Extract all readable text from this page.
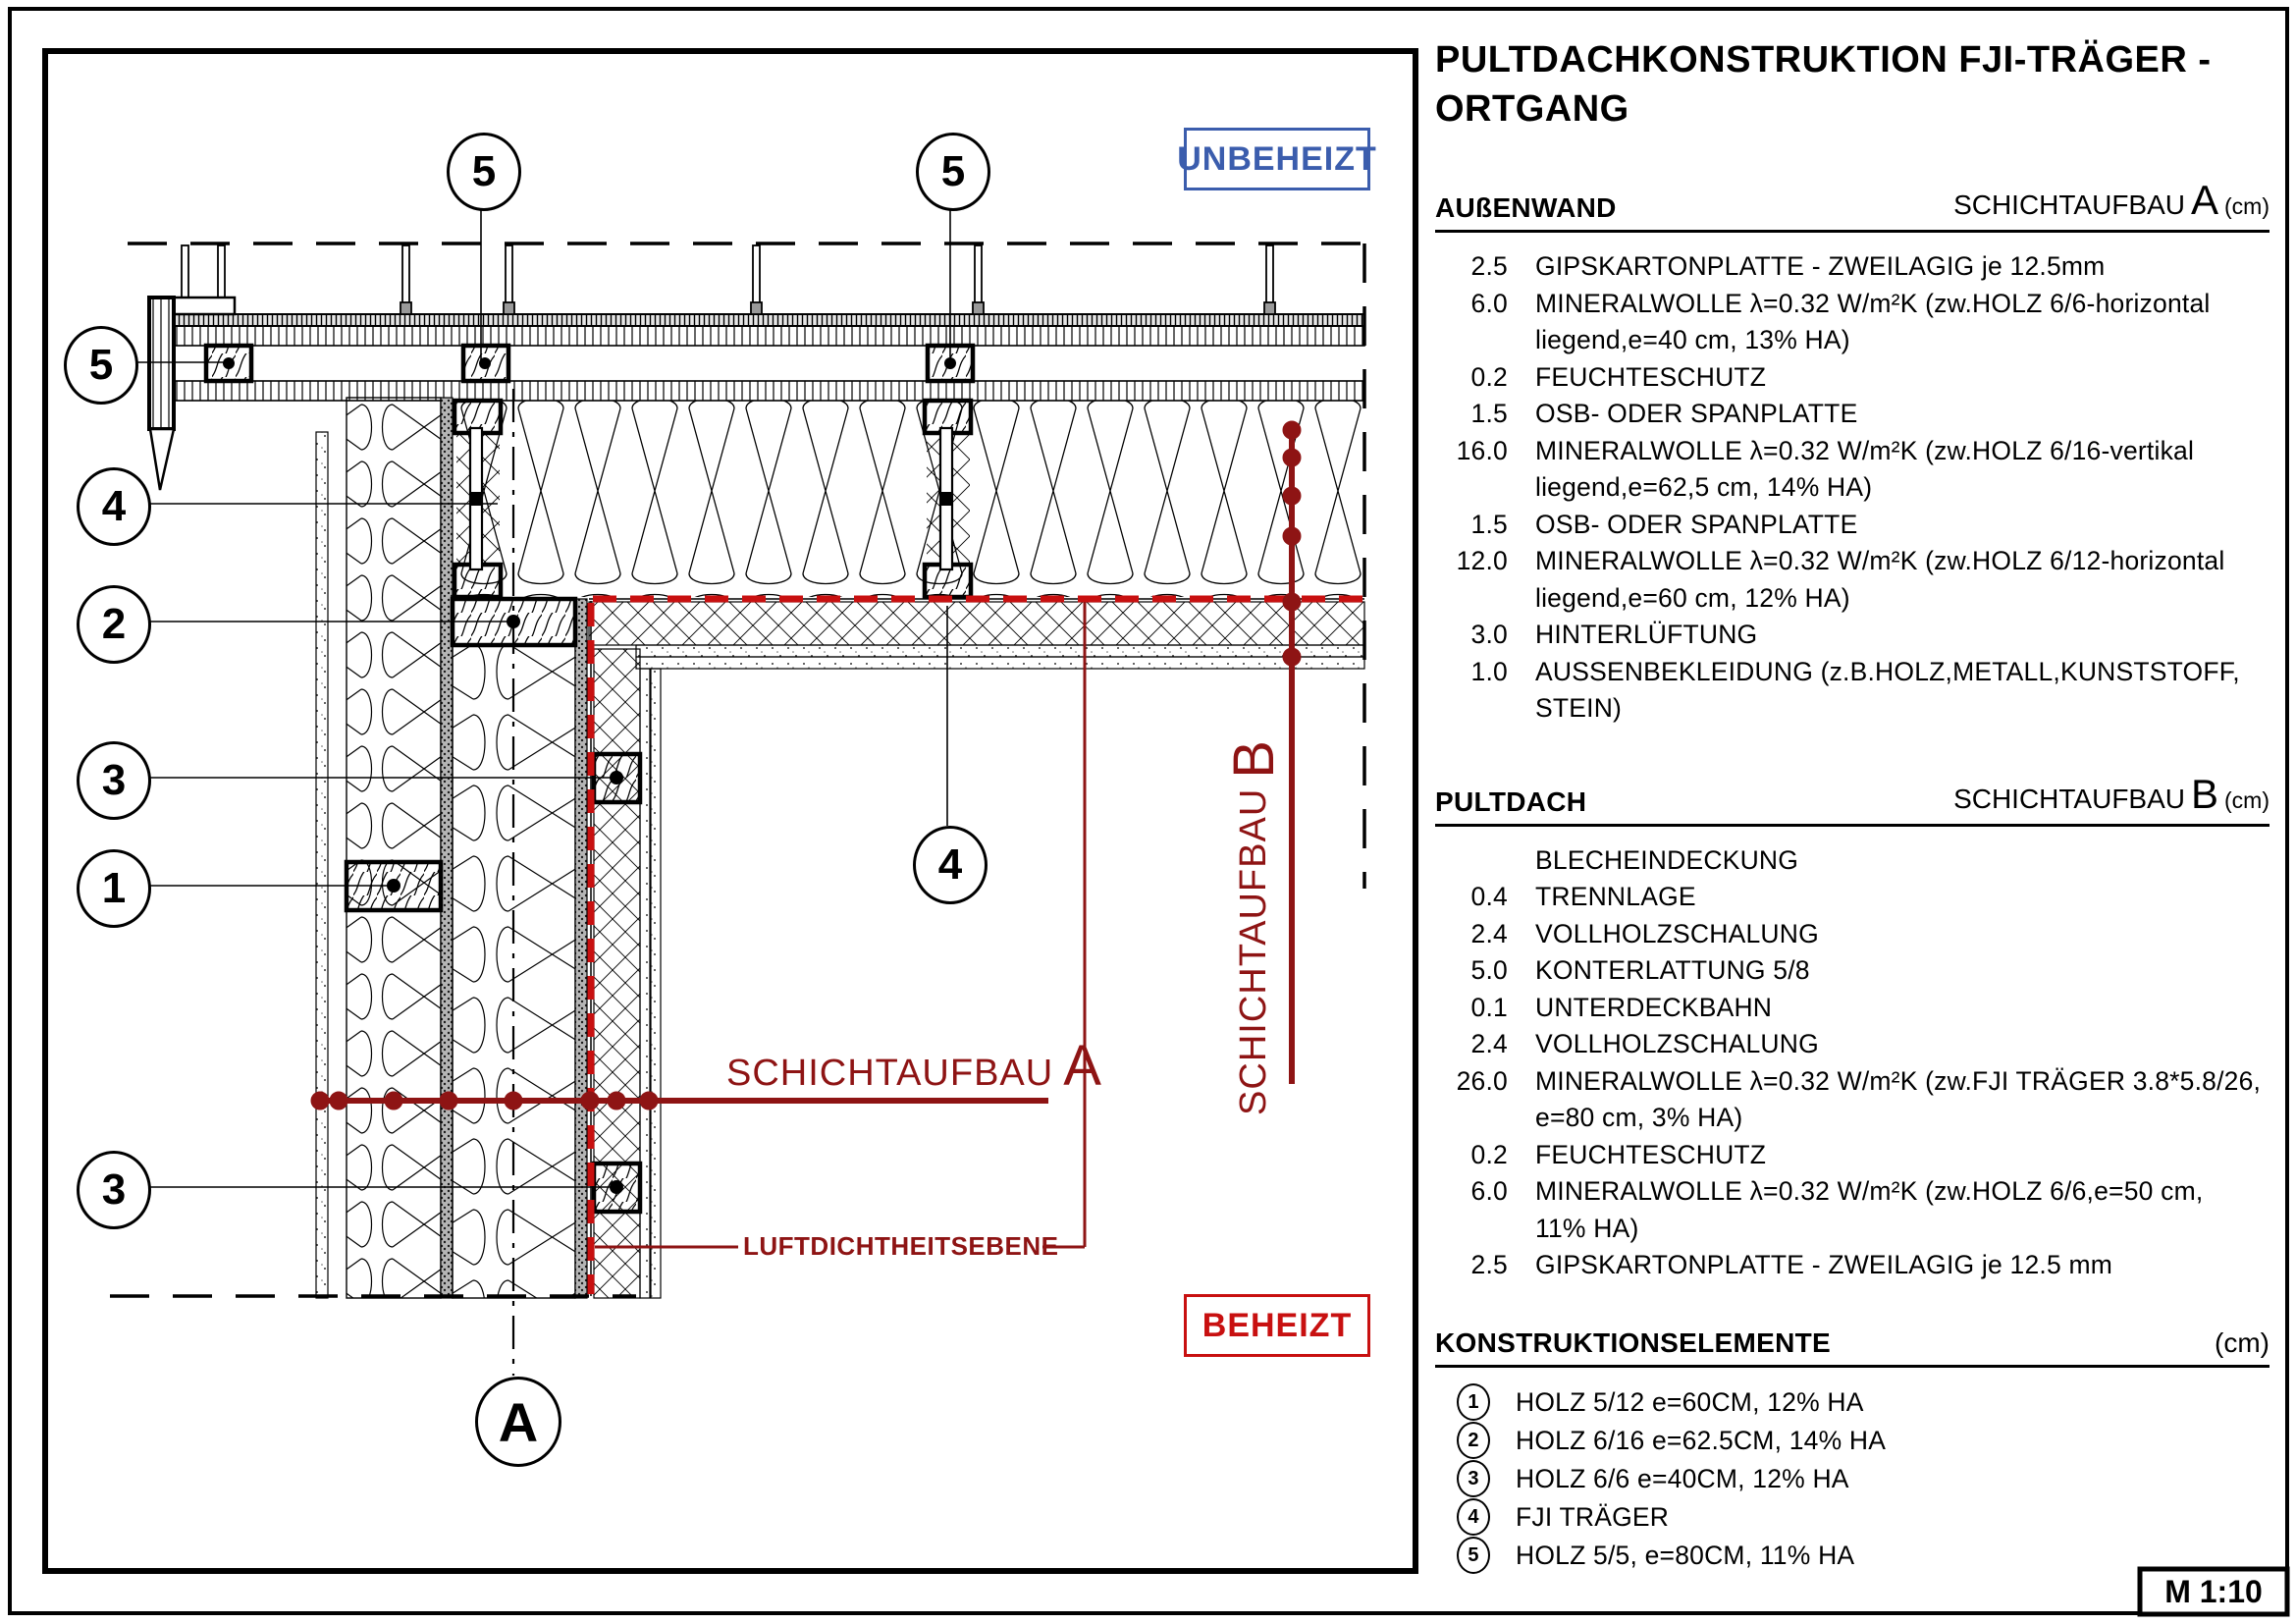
5
5	5
4
2
3
1
3
4
A
UNBEHEIZT
BEHEIZT
SCHICHTAUFBAU A	SCHICHTAUFBAU
B
LUFTDICHTHEITSEBENE
M 1:10
PULTDACHKONSTRUKTION FJI-TRÄGER -
ORTGANG
AUßENWAND	SCHICHTAUFBAU A (cm)
2.5 GIPSKARTONPLATTE - ZWEILAGIG je 12.5mm
6.0 MINERALWOLLE λ=0.32 W/m²K (zw.HOLZ 6/6-horizontal
liegend,e=40 cm, 13% HA)
0.2 FEUCHTESCHUTZ
1.5 OSB- ODER SPANPLATTE
16.0 MINERALWOLLE λ=0.32 W/m²K (zw.HOLZ 6/16-vertikal
liegend,e=62,5 cm, 14% HA)
1.5 OSB- ODER SPANPLATTE
12.0 MINERALWOLLE λ=0.32 W/m²K (zw.HOLZ 6/12-horizontal
liegend,e=60 cm, 12% HA)
3.0 HINTERLÜFTUNG
1.0 AUSSENBEKLEIDUNG (z.B.HOLZ,METALL,KUNSTSTOFF,
STEIN)
PULTDACH	SCHICHTAUFBAU B (cm)
BLECHEINDECKUNG
0.4 TRENNLAGE
2.4 VOLLHOLZSCHALUNG
5.0 KONTERLATTUNG 5/8
0.1 UNTERDECKBAHN
2.4 VOLLHOLZSCHALUNG
26.0 MINERALWOLLE λ=0.32 W/m²K (zw.FJI TRÄGER 3.8*5.8/26,
e=80 cm, 3% HA)
0.2 FEUCHTESCHUTZ
6.0 MINERALWOLLE λ=0.32 W/m²K (zw.HOLZ 6/6,e=50 cm,
11% HA)
2.5 GIPSKARTONPLATTE - ZWEILAGIG je 12.5 mm
KONSTRUKTIONSELEMENTE	(cm)
1	HOLZ 5/12 e=60CM, 12% HA
2	HOLZ 6/16 e=62.5CM, 14% HA
3	HOLZ 6/6 e=40CM, 12% HA
4	FJI TRÄGER
5	HOLZ 5/5, e=80CM, 11% HA
